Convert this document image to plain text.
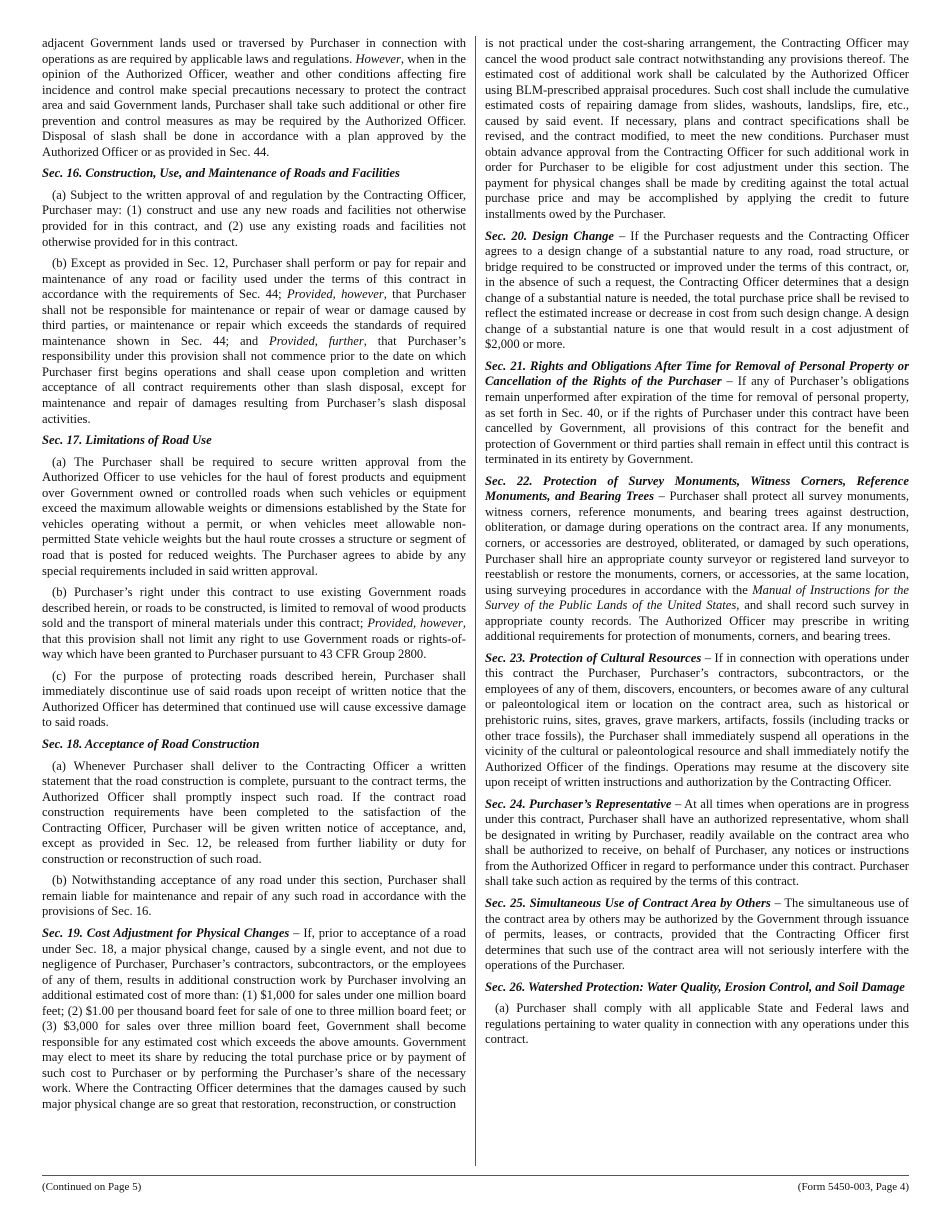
adjacent Government lands used or traversed by Purchaser in connection with operations as are required by applicable laws and regulations. However, when in the opinion of the Authorized Officer, weather and other conditions affecting fire incidence and control make special precautions necessary to protect the contract area and said Government lands, Purchaser shall take such additional or other fire prevention and control measures as may be required by the Authorized Officer. Disposal of slash shall be done in accordance with a plan approved by the Authorized Officer or as provided in Sec. 44.

Sec. 16. Construction, Use, and Maintenance of Roads and Facilities

(a) Subject to the written approval of and regulation by the Contracting Officer, Purchaser may: (1) construct and use any new roads and facilities not otherwise provided for in this contract, and (2) use any existing roads and facilities not otherwise provided for in this contract.

(b) Except as provided in Sec. 12, Purchaser shall perform or pay for repair and maintenance of any road or facility used under the terms of this contract in accordance with the requirements of Sec. 44; Provided, however, that Purchaser shall not be responsible for maintenance or repair of wear or damage caused by third parties, or maintenance or repair which exceeds the standards of required maintenance shown in Sec. 44; and Provided, further, that Purchaser’s responsibility under this provision shall not commence prior to the date on which Purchaser first begins operations and shall cease upon completion and written acceptance of all contract requirements other than slash disposal, except for maintenance and repair of damages resulting from Purchaser’s slash disposal activities.

Sec. 17. Limitations of Road Use

(a) The Purchaser shall be required to secure written approval from the Authorized Officer to use vehicles for the haul of forest products and equipment over Government owned or controlled roads when such vehicles or equipment exceed the maximum allowable weights or dimensions established by the State for vehicles operating without a permit, or when vehicles meet allowable non-permitted State vehicle weights but the haul route crosses a structure or segment of road that is posted for reduced weights. The Purchaser agrees to abide by any special requirements included in said written approval.

(b) Purchaser’s right under this contract to use existing Government roads described herein, or roads to be constructed, is limited to removal of wood products sold and the transport of mineral materials under this contract; Provided, however, that this provision shall not limit any right to use Government roads or rights-of-way which have been granted to Purchaser pursuant to 43 CFR Group 2800.

(c) For the purpose of protecting roads described herein, Purchaser shall immediately discontinue use of said roads upon receipt of written notice that the Authorized Officer has determined that continued use will cause excessive damage to said roads.

Sec. 18. Acceptance of Road Construction

(a) Whenever Purchaser shall deliver to the Contracting Officer a written statement that the road construction is complete, pursuant to the contract terms, the Authorized Officer shall promptly inspect such road. If the contract road construction requirements have been completed to the satisfaction of the Contracting Officer, Purchaser will be given written notice of acceptance, and, except as provided in Sec. 12, be released from further liability or duty for construction or reconstruction of such road.

(b) Notwithstanding acceptance of any road under this section, Purchaser shall remain liable for maintenance and repair of any such road in accordance with the provisions of Sec. 16.

Sec. 19. Cost Adjustment for Physical Changes – If, prior to acceptance of a road under Sec. 18, a major physical change, caused by a single event, and not due to negligence of Purchaser, Purchaser’s contractors, subcontractors, or the employees of any of them, results in additional construction work by Purchaser involving an additional estimated cost of more than: (1) $1,000 for sales under one million board feet; (2) $1.00 per thousand board feet for sale of one to three million board feet; or (3) $3,000 for sales over three million board feet, Government shall become responsible for any estimated cost which exceeds the above amounts. Government may elect to meet its share by reducing the total purchase price or by payment of such cost to Purchaser or by performing the Purchaser’s share of the necessary work. Where the Contracting Officer determines that the damages caused by such major physical change are so great that restoration, reconstruction, or construction

is not practical under the cost-sharing arrangement, the Contracting Officer may cancel the wood product sale contract notwithstanding any provisions thereof. The estimated cost of additional work shall be calculated by the Authorized Officer using BLM-prescribed appraisal procedures. Such cost shall include the cumulative estimated costs of repairing damage from slides, washouts, landslips, fire, etc., caused by said event. If necessary, plans and contract specifications shall be revised, and the contract modified, to meet the new conditions. Purchaser must obtain advance approval from the Contracting Officer for such additional work in order for Purchaser to be eligible for cost adjustment under this section. The payment for physical changes shall be made by crediting against the total actual purchase price and may be accomplished by applying the credit to future installments owed by the Purchaser.

Sec. 20. Design Change – If the Purchaser requests and the Contracting Officer agrees to a design change of a substantial nature to any road, road structure, or bridge required to be constructed or improved under the terms of this contract, or, in the absence of such a request, the Contracting Officer determines that a design change of a substantial nature is needed, the total purchase price shall be revised to reflect the estimated increase or decrease in cost from such design change. A design change of a substantial nature is one that would result in a cost adjustment of $2,000 or more.

Sec. 21. Rights and Obligations After Time for Removal of Personal Property or Cancellation of the Rights of the Purchaser – If any of Purchaser’s obligations remain unperformed after expiration of the time for removal of personal property, as set forth in Sec. 40, or if the rights of Purchaser under this contract have been cancelled by Government, all provisions of this contract for the benefit and protection of Government or third parties shall remain in effect until this contract is terminated in its entirety by Government.

Sec. 22. Protection of Survey Monuments, Witness Corners, Reference Monuments, and Bearing Trees – Purchaser shall protect all survey monuments, witness corners, reference monuments, and bearing trees against destruction, obliteration, or damage during operations on the contract area. If any monuments, corners, or accessories are destroyed, obliterated, or damaged by such operations, Purchaser shall hire an appropriate county surveyor or registered land surveyor to reestablish or restore the monuments, corners, or accessories, at the same location, using surveying procedures in accordance with the Manual of Instructions for the Survey of the Public Lands of the United States, and shall record such survey in appropriate county records. The Authorized Officer may prescribe in writing additional requirements for protection of monuments, corners, and bearing trees.

Sec. 23. Protection of Cultural Resources – If in connection with operations under this contract the Purchaser, Purchaser’s contractors, subcontractors, or the employees of any of them, discovers, encounters, or becomes aware of any cultural or paleontological item or location on the contract area, such as historical or prehistoric ruins, sites, graves, grave markers, artifacts, fossils (including tracks or other trace fossils), the Purchaser shall immediately suspend all operations in the vicinity of the cultural or paleontological resource and shall immediately notify the Authorized Officer of the findings. Operations may resume at the discovery site upon receipt of written instructions and authorization by the Contracting Officer.

Sec. 24. Purchaser’s Representative – At all times when operations are in progress under this contract, Purchaser shall have an authorized representative, whom shall be designated in writing by Purchaser, readily available on the contract area who shall be authorized to receive, on behalf of Purchaser, any notices or instructions from the Authorized Officer in regard to performance under this contract. Purchaser shall take such action as required by the terms of this contract.

Sec. 25. Simultaneous Use of Contract Area by Others – The simultaneous use of the contract area by others may be authorized by the Government through issuance of permits, leases, or contracts, provided that the Contracting Officer first determines that such use of the contract area will not seriously interfere with the operations of the Purchaser.

Sec. 26. Watershed Protection: Water Quality, Erosion Control, and Soil Damage

(a) Purchaser shall comply with all applicable State and Federal laws and regulations pertaining to water quality in connection with any operations under this contract.

(Continued on Page 5)	(Form 5450-003, Page 4)
